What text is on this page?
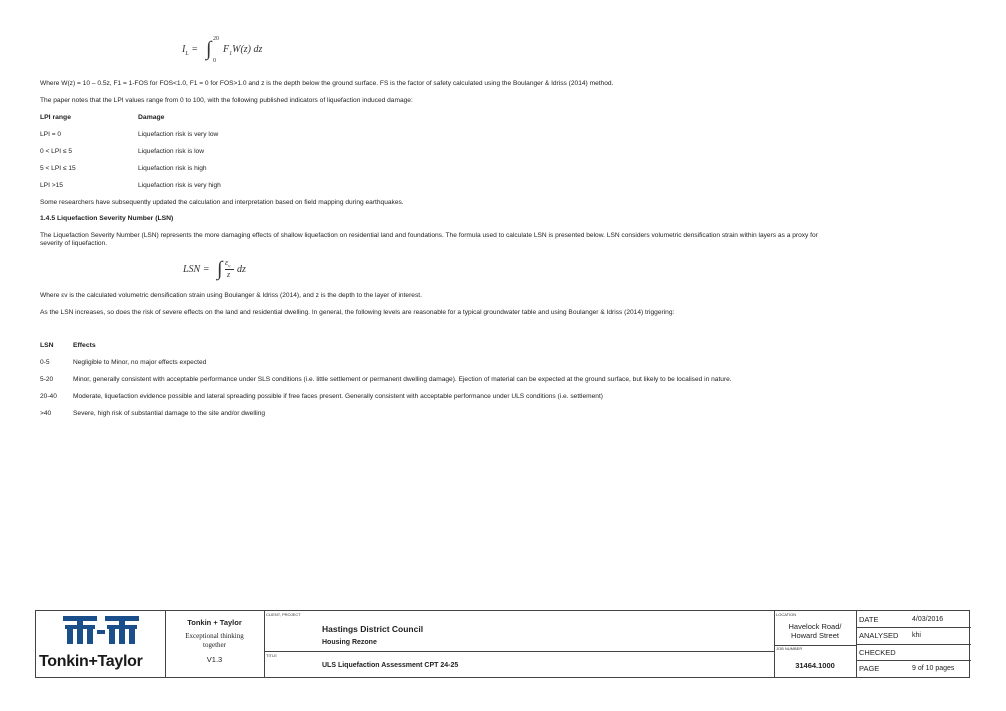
$I_L$ = ∫ 20
0
$F_1W(z)$ dz
Where W(z) = 10 – 0.5z, F1 = 1-FOS for FOS<1.0, F1 = 0 for FOS>1.0 and z is the depth below the ground surface. FS is the factor of safety calculated using the Boulanger & Idriss (2014) method.
The paper notes that the LPI values range from 0 to 100, with the following published indicators of liquefaction induced damage:
LPI range	Damage
LPI = 0	Liquefaction risk is very low
0 < LPI ≤ 5	Liquefaction risk is low
5 < LPI ≤ 15	Liquefaction risk is high
LPI >15	Liquefaction risk is very high
Some researchers have subsequently updated the calculation and interpretation based on field mapping during earthquakes.
1.4.5 Liquefaction Severity Number (LSN)
The Liquefaction Severity Number (LSN) represents the more damaging effects of shallow liquefaction on residential land and foundations. The formula used to calculate LSN is presented below. LSN considers volumetric densification strain within layers as a proxy for
severity of liquefaction.
LSN = ∫ $\varepsilon_v$
z dz
Where εv is the calculated volumetric densification strain using Boulanger & Idriss (2014), and z is the depth to the layer of interest.
As the LSN increases, so does the risk of severe effects on the land and residential dwelling. In general, the following levels are reasonable for a typical groundwater table and using Boulanger & Idriss (2014) triggering:
LSN	Effects
0-5	Negligible to Minor, no major effects expected
5-20	Minor, generally consistent with acceptable performance under SLS conditions (i.e. little settlement or permanent dwelling damage). Ejection of material can be expected at the ground surface, but likely to be localised in nature.
20-40 Moderate, liquefaction evidence possible and lateral spreading possible if free faces present. Generally consistent with acceptable performance under ULS conditions (i.e. settlement)
>40	Severe, high risk of substantial damage to the site and/or dwelling
Tonkin+Taylor
Tonkin + Taylor
Exceptional thinking
together
V1.3
CLIENT, PROJECT
Hastings District Council
Housing Rezone
TITLE
ULS Liquefaction Assessment CPT 24-25
LOCATION
Havelock Road/
Howard Street
JOB NUMBER
31464.1000
DATE	4/03/2016
ANALYSED khi
CHECKED
PAGE	9 of 10 pages
